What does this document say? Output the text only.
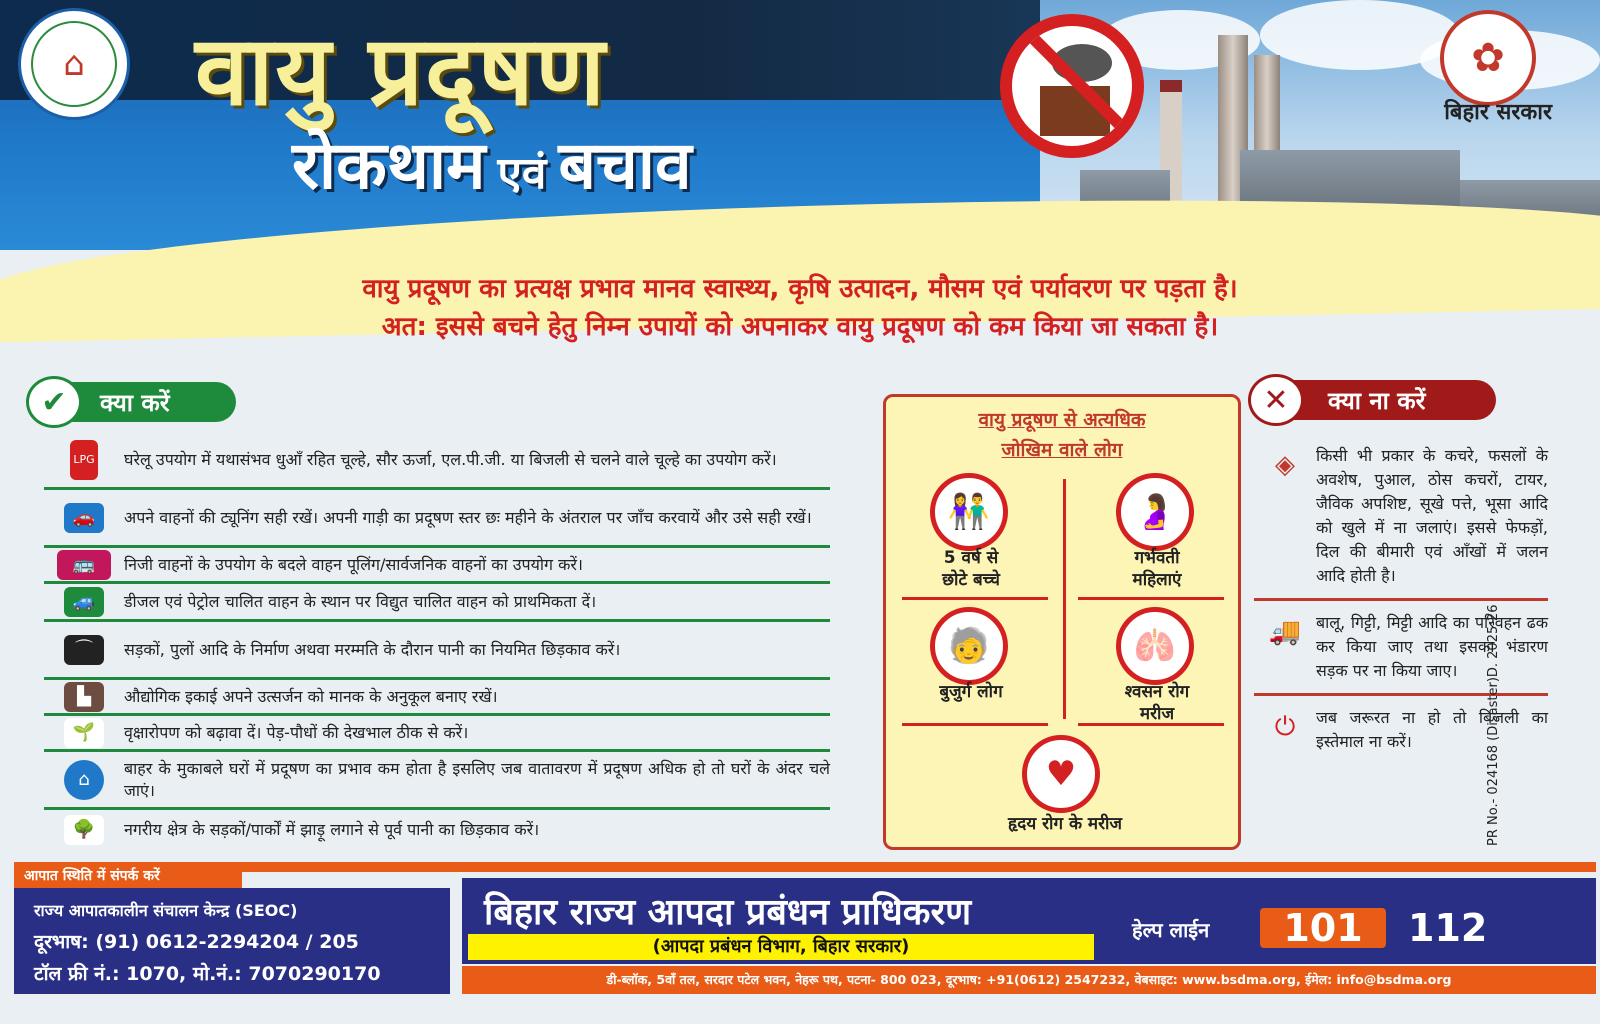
⌂	वायु प्रदूषण
रोकथाम एवं बचाव
✿
बिहार सरकार
वायु प्रदूषण का प्रत्यक्ष प्रभाव मानव स्वास्थ्य, कृषि उत्पादन, मौसम एवं पर्यावरण पर पड़ता है।
अत: इससे बचने हेतु निम्न उपायों को अपनाकर वायु प्रदूषण को कम किया जा सकता है।
✔	क्या करें
LPG घरेलू उपयोग में यथासंभव धुआँ रहित चूल्हे, सौर ऊर्जा, एल.पी.जी. या बिजली से चलने वाले चूल्हे का उपयोग करें।
🚗	अपने वाहनों की ट्यूनिंग सही रखें। अपनी गाड़ी का प्रदूषण स्तर छः महीने के अंतराल पर जाँच करवायें और उसे सही रखें।
🚌	निजी वाहनों के उपयोग के बदले वाहन पूलिंग/सार्वजनिक वाहनों का उपयोग करें।
🚙	डीजल एवं पेट्रोल चालित वाहन के स्थान पर विद्युत चालित वाहन को प्राथमिकता दें।
⌒	सड़कों, पुलों आदि के निर्माण अथवा मरम्मति के दौरान पानी का नियमित छिड़काव करें।
▙	औद्योगिक इकाई अपने उत्सर्जन को मानक के अनुकूल बनाए रखें।
🌱	वृक्षारोपण को बढ़ावा दें। पेड़-पौधों की देखभाल ठीक से करें।
⌂
बाहर के मुकाबले घरों में प्रदूषण का प्रभाव कम होता है इसलिए जब वातावरण में प्रदूषण अधिक हो तो घरों के अंदर चले जाएं।
🌳	नगरीय क्षेत्र के सड़कों/पार्कों में झाड़ू लगाने से पूर्व पानी का छिड़काव करें।
वायु प्रदूषण से अत्यधिक
जोखिम वाले लोग
👫
5 वर्ष से
छोटे बच्चे
🤰
गर्भवती
महिलाएं
🧓
बुजुर्ग लोग
🫁
श्वसन रोग
मरीज
♥
हृदय रोग के मरीज
✕	क्या ना करें
◈	किसी भी प्रकार के कचरे, फसलों के अवशेष, पुआल, ठोस कचरों, टायर, जैविक अपशिष्ट, सूखे पत्ते, भूसा आदि को खुले में ना जलाएं। इससे फेफड़ों, दिल की बीमारी एवं आँखों में जलन आदि होती है।
🚚 बालू, गिट्टी, मिट्टी आदि का परिवहन ढक कर किया जाए तथा इसका भंडारण सड़क पर ना किया जाए।
⏻	जब जरूरत ना हो तो बिजली का इस्तेमाल ना करें।	PR No.- 024168 (Disaster)D. 2025-26
आपात स्थिति में संपर्क करें
राज्य आपातकालीन संचालन केन्द्र (SEOC)
दूरभाष: (91) 0612-2294204 / 205
टॉल फ्री नं.: 1070, मो.नं.: 7070290170
बिहार राज्य आपदा प्रबंधन प्राधिकरण
(आपदा प्रबंधन विभाग, बिहार सरकार)
हेल्प लाईन	101	112
डी-ब्लॉक, 5वाँ तल, सरदार पटेल भवन, नेहरू पथ, पटना- 800 023, दूरभाष: +91(0612) 2547232, वेबसाइट: www.bsdma.org, ईमेल: info@bsdma.org
